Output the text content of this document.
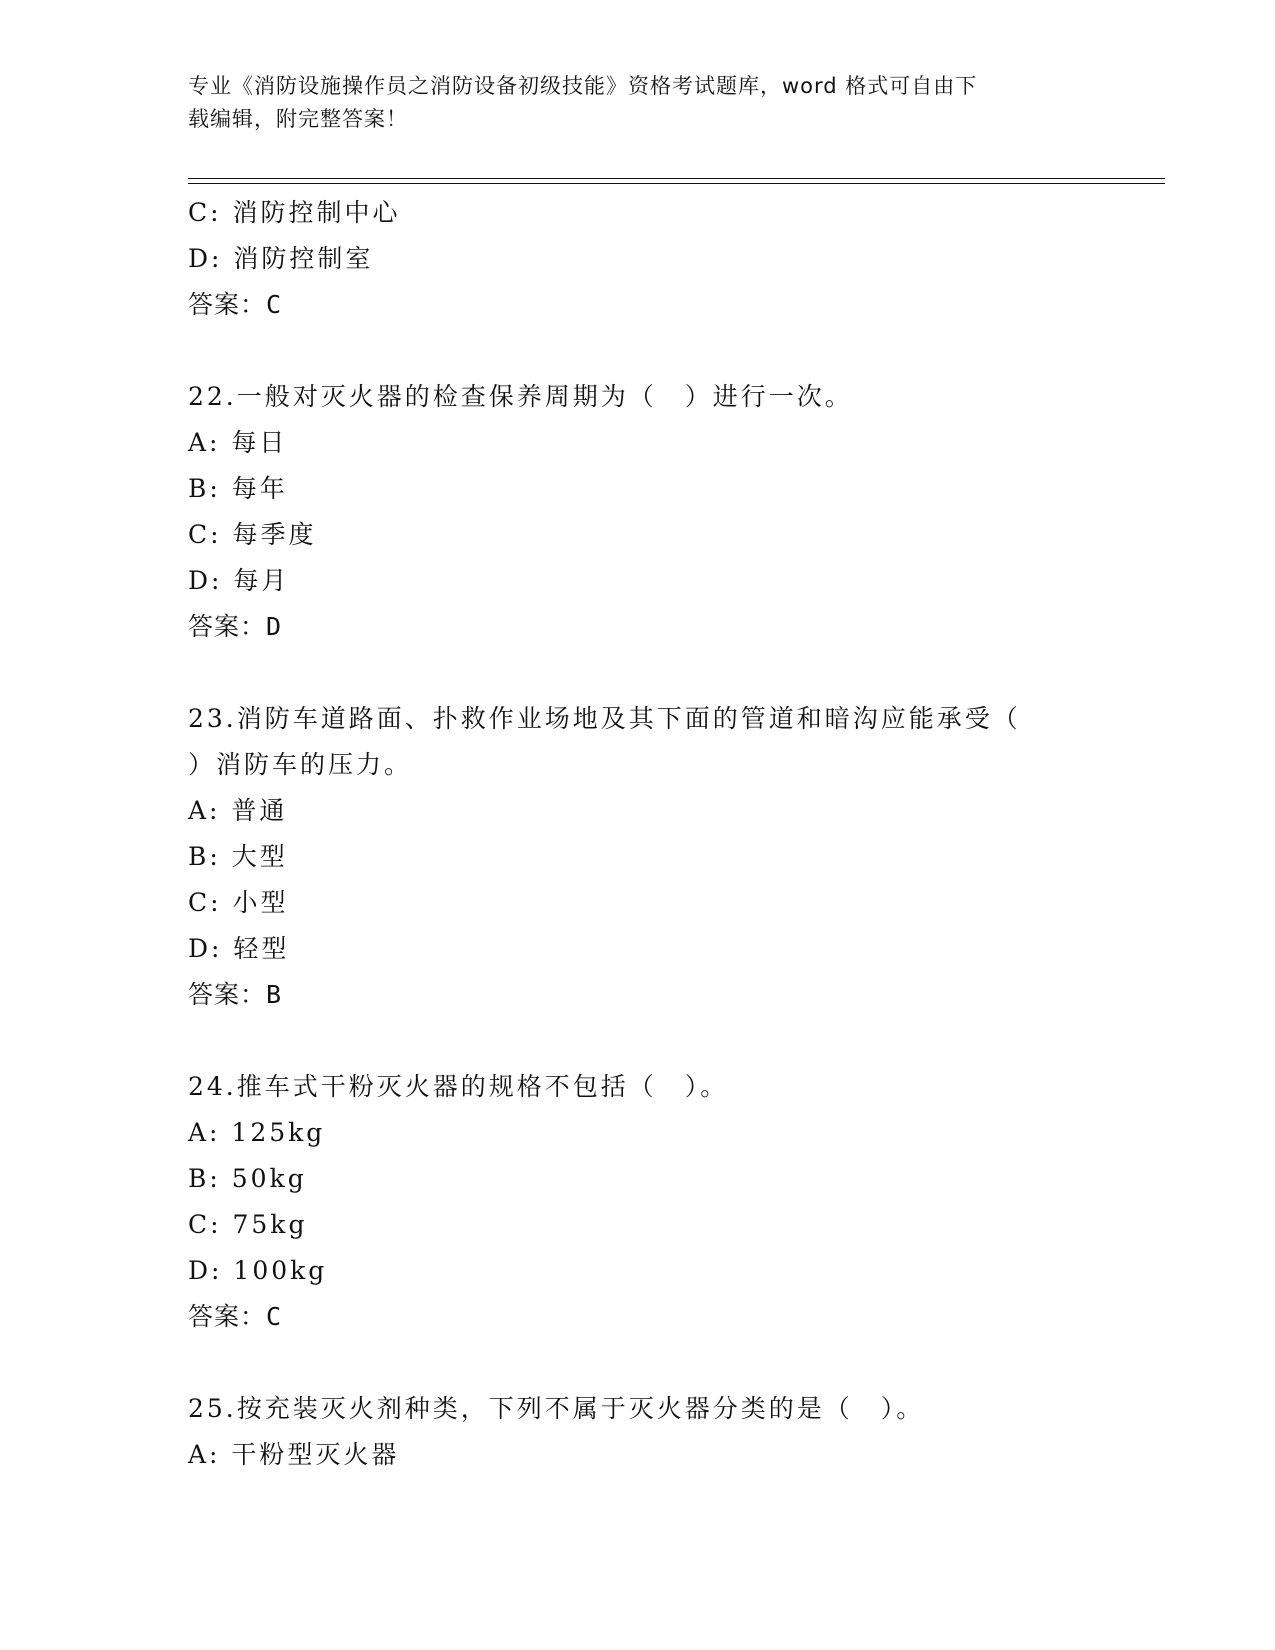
专业《消防设施操作员之消防设备初级技能》资格考试题库，word 格式可自由下
载编辑，附完整答案！
C: 消防控制中心
D: 消防控制室
答案：C
22.一般对灭火器的检查保养周期为（　）进行一次。
A: 每日
B: 每年
C: 每季度
D: 每月
答案：D
23.消防车道路面、扑救作业场地及其下面的管道和暗沟应能承受（
）消防车的压力。
A: 普通
B: 大型
C: 小型
D: 轻型
答案：B
24.推车式干粉灭火器的规格不包括（　）。
A: 125kg
B: 50kg
C: 75kg
D: 100kg
答案：C
25.按充装灭火剂种类，下列不属于灭火器分类的是（　）。
A: 干粉型灭火器
